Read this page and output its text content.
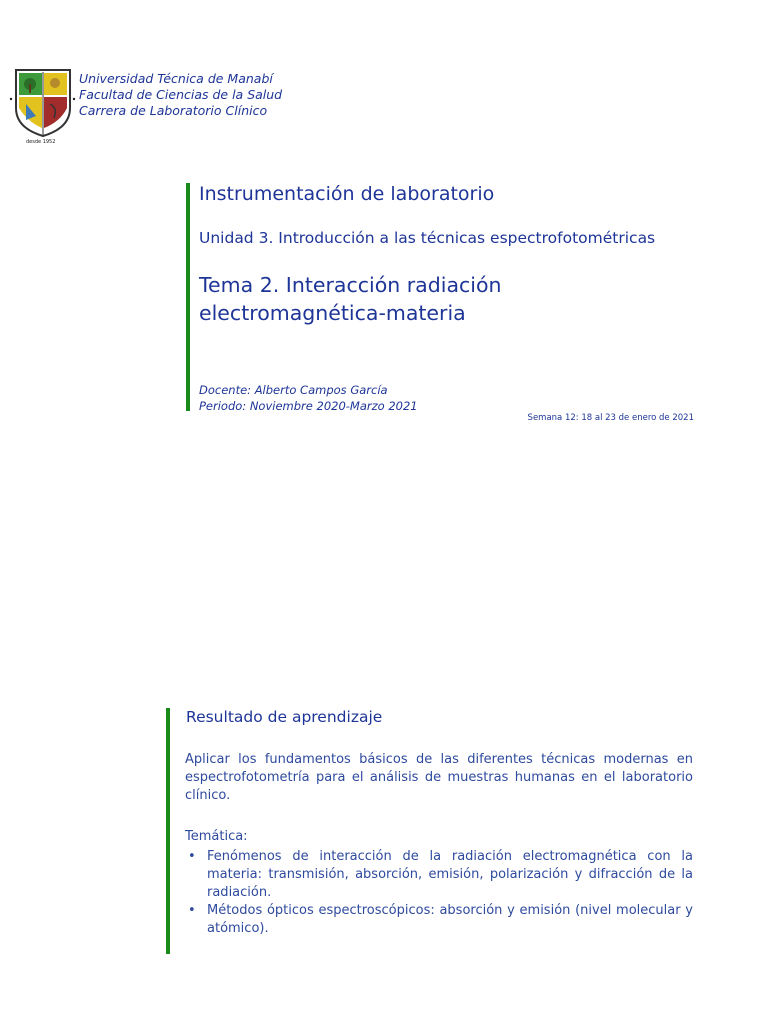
desde 1952
Universidad Técnica de Manabí
Facultad de Ciencias de la Salud
Carrera de Laboratorio Clínico
Instrumentación de laboratorio
Unidad 3. Introducción a las técnicas espectrofotométricas
Tema 2. Interacción radiación
electromagnética-materia
Docente: Alberto Campos García
Periodo: Noviembre 2020-Marzo 2021
Semana 12: 18 al 23 de enero de 2021
Resultado de aprendizaje
Aplicar los fundamentos básicos de las diferentes técnicas modernas en espectrofotometría para el análisis de muestras humanas en el laboratorio clínico.
Temática:
• Fenómenos de interacción de la radiación electromagnética con la materia: transmisión, absorción, emisión, polarización y difracción de la radiación.
• Métodos ópticos espectroscópicos: absorción y emisión (nivel molecular y atómico).
